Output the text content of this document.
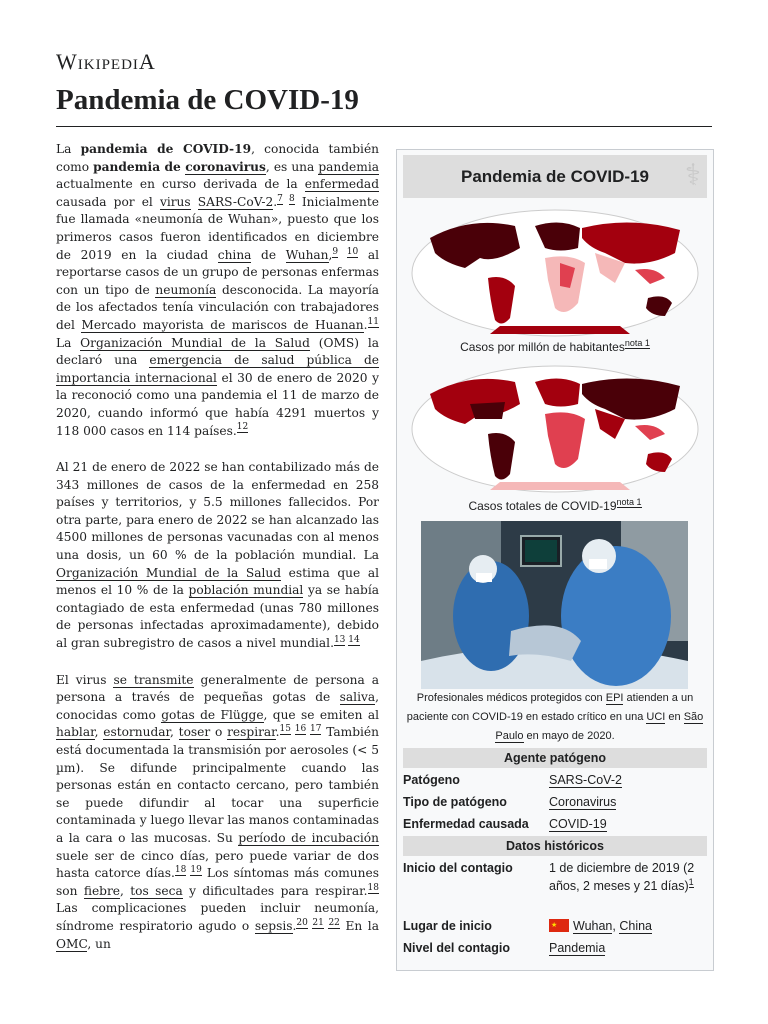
WikipediA
Pandemia de COVID-19

La pandemia de COVID-19, conocida también como pandemia de coronavirus, es una pandemia actualmente en curso derivada de la enfermedad causada por el virus SARS-CoV-2.$^{7 8}$ Inicialmente fue llamada «neumonía de Wuhan», puesto que los primeros casos fueron identificados en diciembre de 2019 en la ciudad china de Wuhan,$^{9 10}$ al reportarse casos de un grupo de personas enfermas con un tipo de neumonía desconocida. La mayoría de los afectados tenía vinculación con trabajadores del Mercado mayorista de mariscos de Huanan.$^{11}$ La Organización Mundial de la Salud (OMS) la declaró una emergencia de salud pública de importancia internacional el 30 de enero de 2020 y la reconoció como una pandemia el 11 de marzo de 2020, cuando informó que había 4291 muertos y 118 000 casos en 114 países.$^{12}$

Al 21 de enero de 2022 se han contabilizado más de 343 millones de casos de la enfermedad en 258 países y territorios, y 5.5 millones fallecidos. Por otra parte, para enero de 2022 se han alcanzado las 4500 millones de personas vacunadas con al menos una dosis, un 60 % de la población mundial. La Organización Mundial de la Salud estima que al menos el 10 % de la población mundial ya se había contagiado de esta enfermedad (unas 780 millones de personas infectadas aproximadamente), debido al gran subregistro de casos a nivel mundial.$^{13 14}$

El virus se transmite generalmente de persona a persona a través de pequeñas gotas de saliva, conocidas como gotas de Flügge, que se emiten al hablar, estornudar, toser o respirar.$^{15 16 17}$ También está documentada la transmisión por aerosoles (< 5 µm). Se difunde principalmente cuando las personas están en contacto cercano, pero también se puede difundir al tocar una superficie contaminada y luego llevar las manos contaminadas a la cara o las mucosas. Su período de incubación suele ser de cinco días, pero puede variar de dos hasta catorce días.$^{18 19}$ Los síntomas más comunes son fiebre, tos seca y dificultades para respirar.$^{18}$ Las complicaciones pueden incluir neumonía, síndrome respiratorio agudo o sepsis.$^{20 21 22}$ En la OMC, un

Pandemia de COVID-19 ⚕
Casos por millón de habitantes$^{nota 1}$
Casos totales de COVID-$19^{nota 1}$
Profesionales médicos protegidos con EPI atienden a un paciente con COVID-19 en estado crítico en una UCI en São Paulo en mayo de 2020.
Agente patógeno
Patógeno	SARS-CoV-2
Tipo de patógeno	Coronavirus
Enfermedad causada	COVID-19
Datos históricos
Inicio del contagio	1 de diciembre de 2019 (2 años, 2 meses y 21 días)$^1$
Lugar de inicio
★	Wuhan, China
Nivel del contagio	Pandemia
